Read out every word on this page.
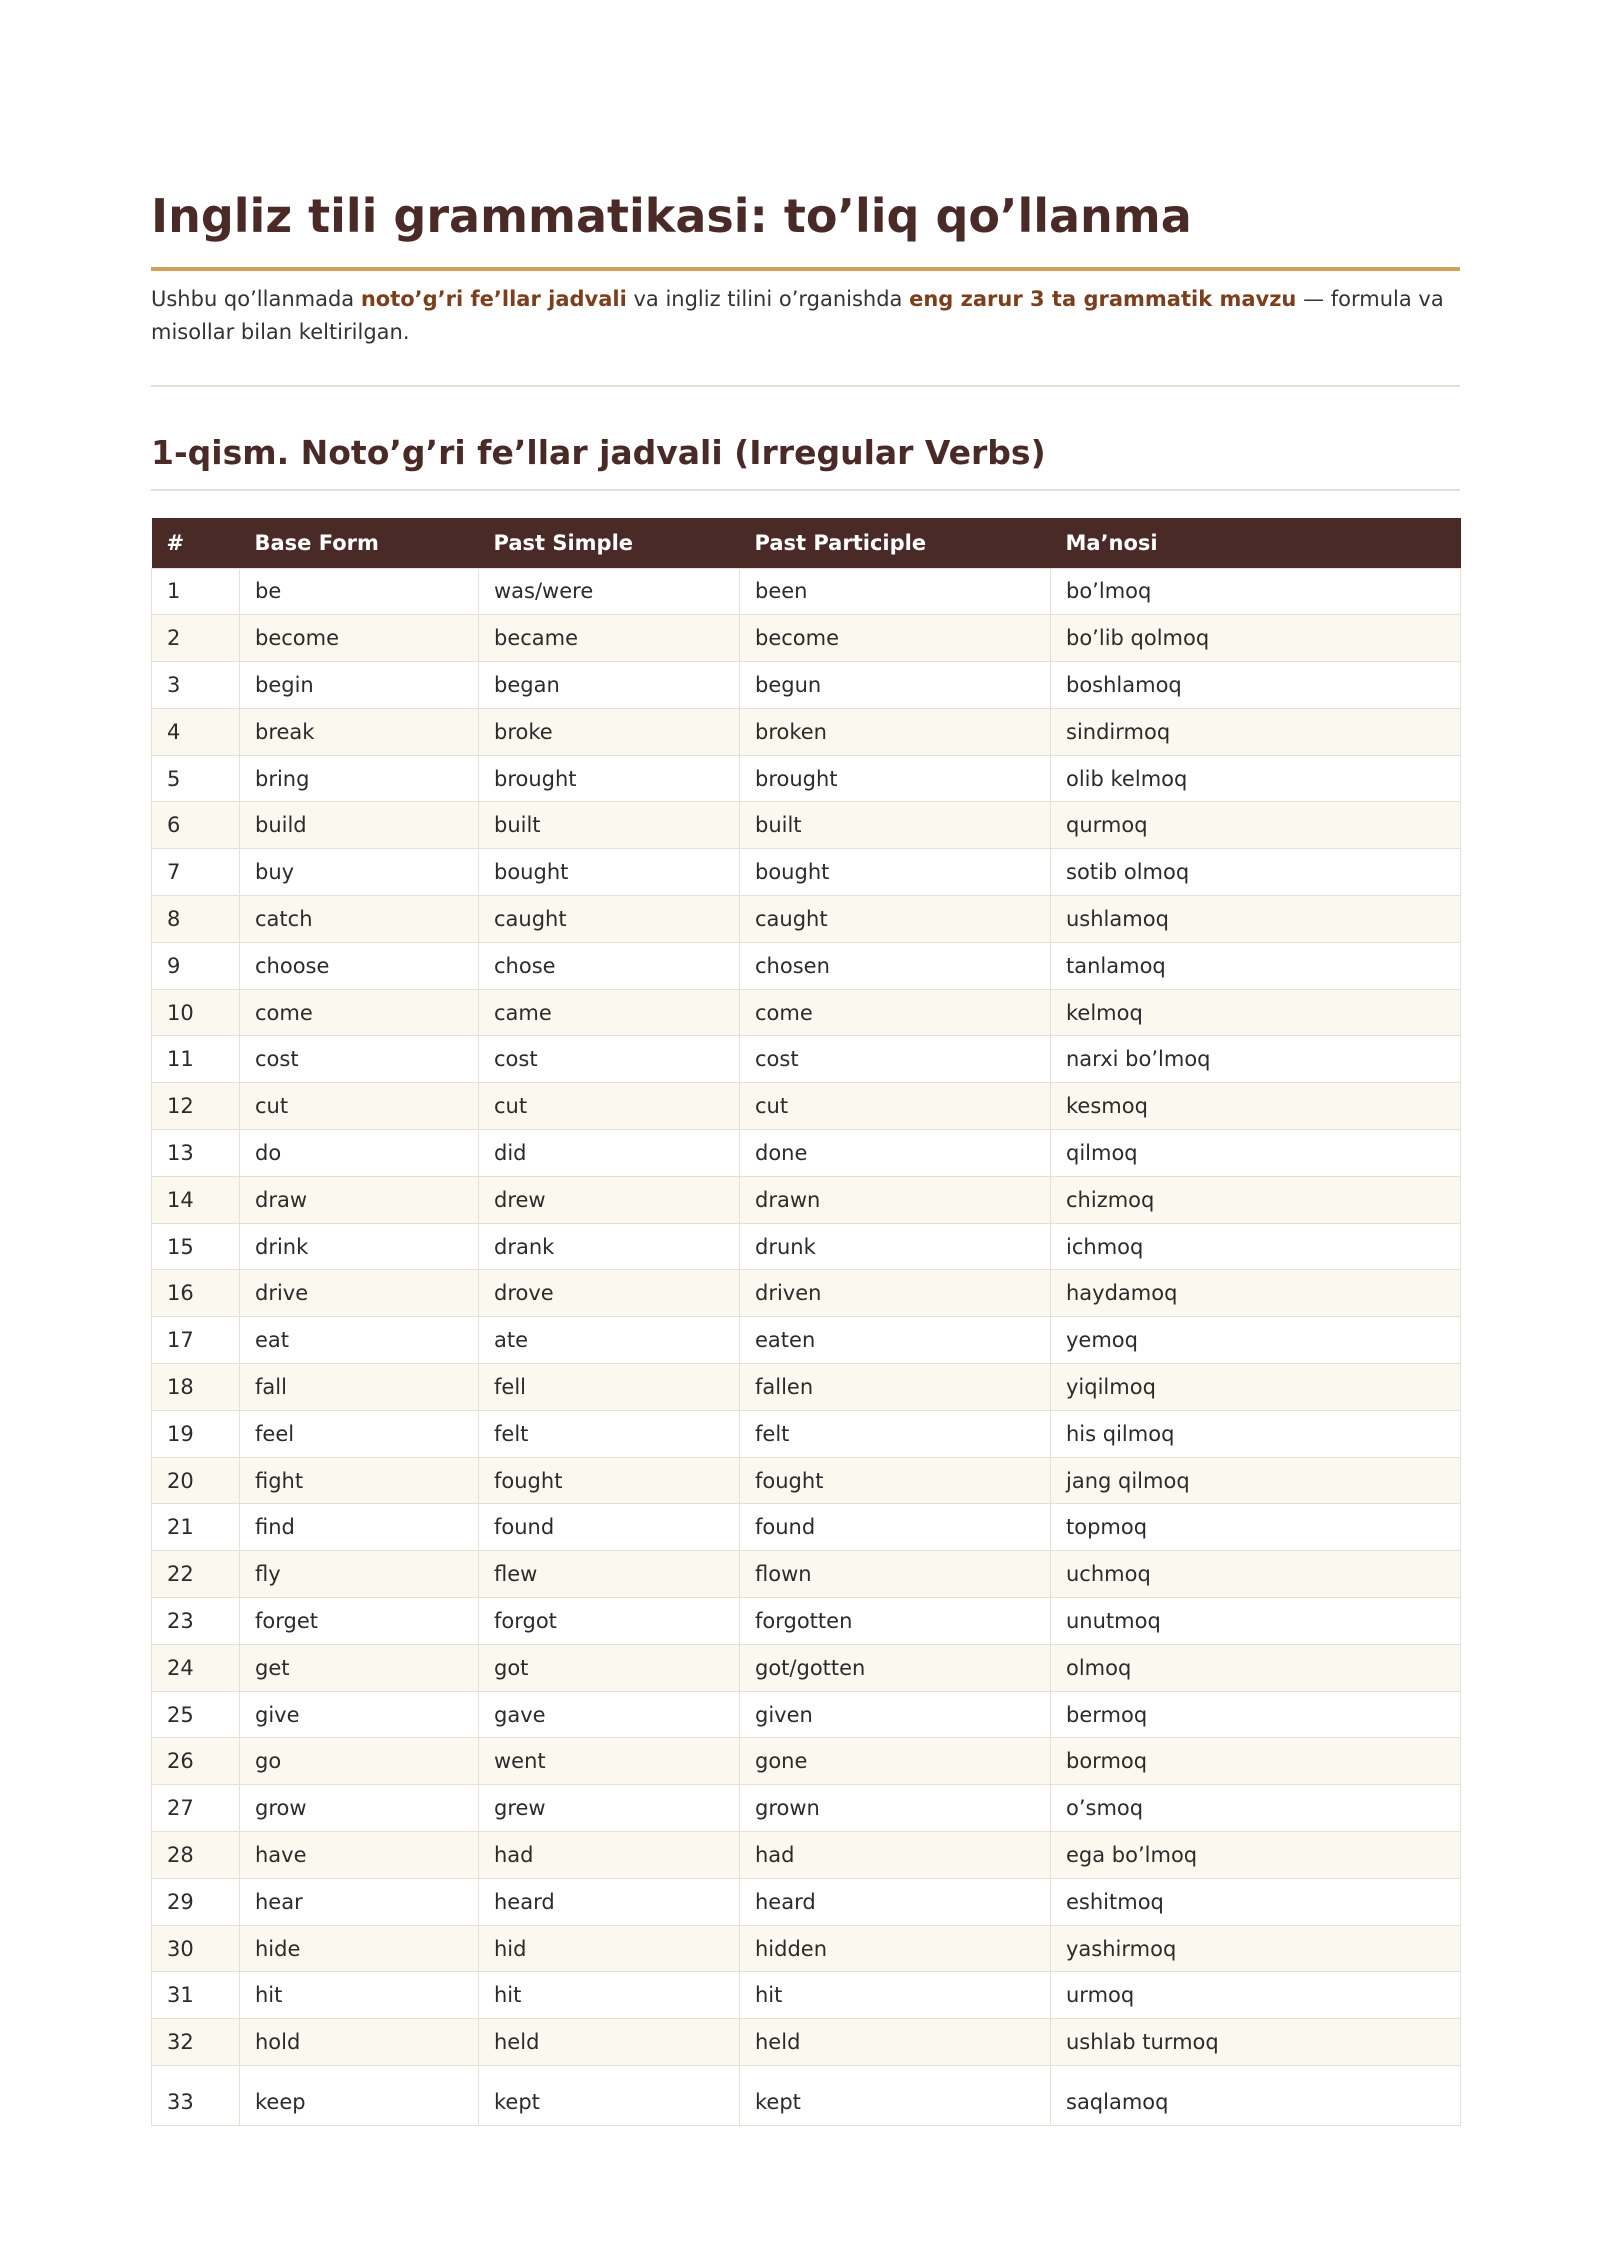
Ingliz tili grammatikasi: to’liq qo’llanma

Ushbu qo’llanmada noto’g’ri fe’llar jadvali va ingliz tilini o’rganishda eng zarur 3 ta grammatik mavzu — formula va misollar bilan keltirilgan.

1-qism. Noto’g’ri fe’llar jadvali (Irregular Verbs)
#	Base Form	Past Simple	Past Participle	Ma’nosi
1	be	was/were	been	bo’lmoq
2	become	became	become	bo’lib qolmoq
3	begin	began	begun	boshlamoq
4	break	broke	broken	sindirmoq
5	bring	brought	brought	olib kelmoq
6	build	built	built	qurmoq
7	buy	bought	bought	sotib olmoq
8	catch	caught	caught	ushlamoq
9	choose	chose	chosen	tanlamoq
10	come	came	come	kelmoq
11	cost	cost	cost	narxi bo’lmoq
12	cut	cut	cut	kesmoq
13	do	did	done	qilmoq
14	draw	drew	drawn	chizmoq
15	drink	drank	drunk	ichmoq
16	drive	drove	driven	haydamoq
17	eat	ate	eaten	yemoq
18	fall	fell	fallen	yiqilmoq
19	feel	felt	felt	his qilmoq
20	fight	fought	fought	jang qilmoq
21	find	found	found	topmoq
22	fly	flew	flown	uchmoq
23	forget	forgot	forgotten	unutmoq
24	get	got	got/gotten	olmoq
25	give	gave	given	bermoq
26	go	went	gone	bormoq
27	grow	grew	grown	o’smoq
28	have	had	had	ega bo’lmoq
29	hear	heard	heard	eshitmoq
30	hide	hid	hidden	yashirmoq
31	hit	hit	hit	urmoq
32	hold	held	held	ushlab turmoq
33	keep	kept	kept	saqlamoq
